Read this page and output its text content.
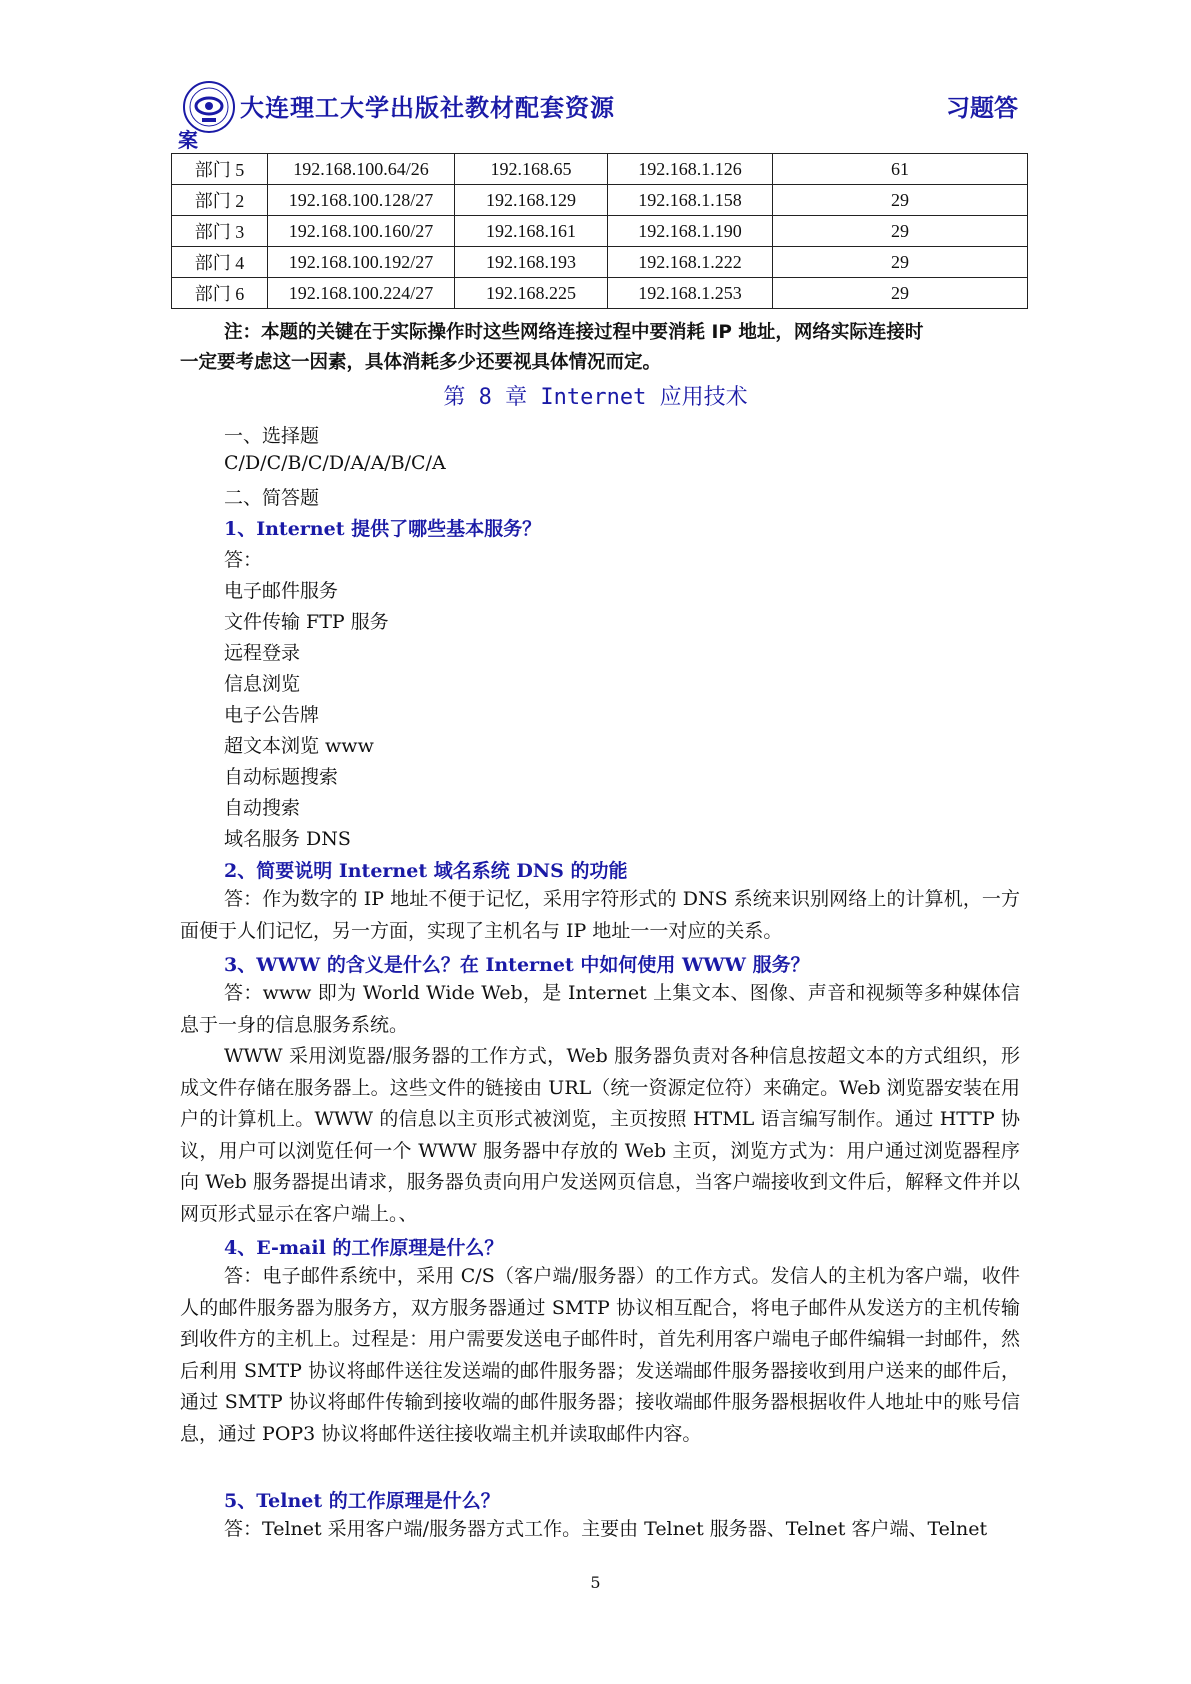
大连理工大学出版社教材配套资源	习题答
案
部门 5	192.168.100.64/26	192.168.65	192.168.1.126	61
部门 2	192.168.100.128/27	192.168.129	192.168.1.158	29
部门 3	192.168.100.160/27	192.168.161	192.168.1.190	29
部门 4	192.168.100.192/27	192.168.193	192.168.1.222	29
部门 6	192.168.100.224/27	192.168.225	192.168.1.253	29
注：本题的关键在于实际操作时这些网络连接过程中要消耗 IP 地址，网络实际连接时
一定要考虑这一因素，具体消耗多少还要视具体情况而定。
第 8 章 Internet 应用技术
一、选择题
C/D/C/B/C/D/A/A/B/C/A
二、简答题
1、Internet 提供了哪些基本服务？
答：
电子邮件服务
文件传输 FTP 服务
远程登录
信息浏览
电子公告牌
超文本浏览 www
自动标题搜索
自动搜索
域名服务 DNS
2、简要说明 Internet 域名系统 DNS 的功能
答：作为数字的 IP 地址不便于记忆，采用字符形式的 DNS 系统来识别网络上的计算机，一方面便于人们记忆，另一方面，实现了主机名与 IP 地址一一对应的关系。
3、WWW 的含义是什么？在 Internet 中如何使用 WWW 服务？
答：www 即为 World Wide Web，是 Internet 上集文本、图像、声音和视频等多种媒体信息于一身的信息服务系统。
WWW 采用浏览器/服务器的工作方式，Web 服务器负责对各种信息按超文本的方式组织，形成文件存储在服务器上。这些文件的链接由 URL（统一资源定位符）来确定。Web 浏览器安装在用户的计算机上。WWW 的信息以主页形式被浏览，主页按照 HTML 语言编写制作。通过 HTTP 协议，用户可以浏览任何一个 WWW 服务器中存放的 Web 主页，浏览方式为：用户通过浏览器程序向 Web 服务器提出请求，服务器负责向用户发送网页信息，当客户端接收到文件后，解释文件并以网页形式显示在客户端上。、
4、E-mail 的工作原理是什么？
答：电子邮件系统中，采用 C/S（客户端/服务器）的工作方式。发信人的主机为客户端，收件人的邮件服务器为服务方，双方服务器通过 SMTP 协议相互配合，将电子邮件从发送方的主机传输到收件方的主机上。过程是：用户需要发送电子邮件时，首先利用客户端电子邮件编辑一封邮件，然后利用 SMTP 协议将邮件送往发送端的邮件服务器；发送端邮件服务器接收到用户送来的邮件后，通过 SMTP 协议将邮件传输到接收端的邮件服务器；接收端邮件服务器根据收件人地址中的账号信息，通过 POP3 协议将邮件送往接收端主机并读取邮件内容。
5、Telnet 的工作原理是什么？
答：Telnet 采用客户端/服务器方式工作。主要由 Telnet 服务器、Telnet 客户端、Telnet
5
